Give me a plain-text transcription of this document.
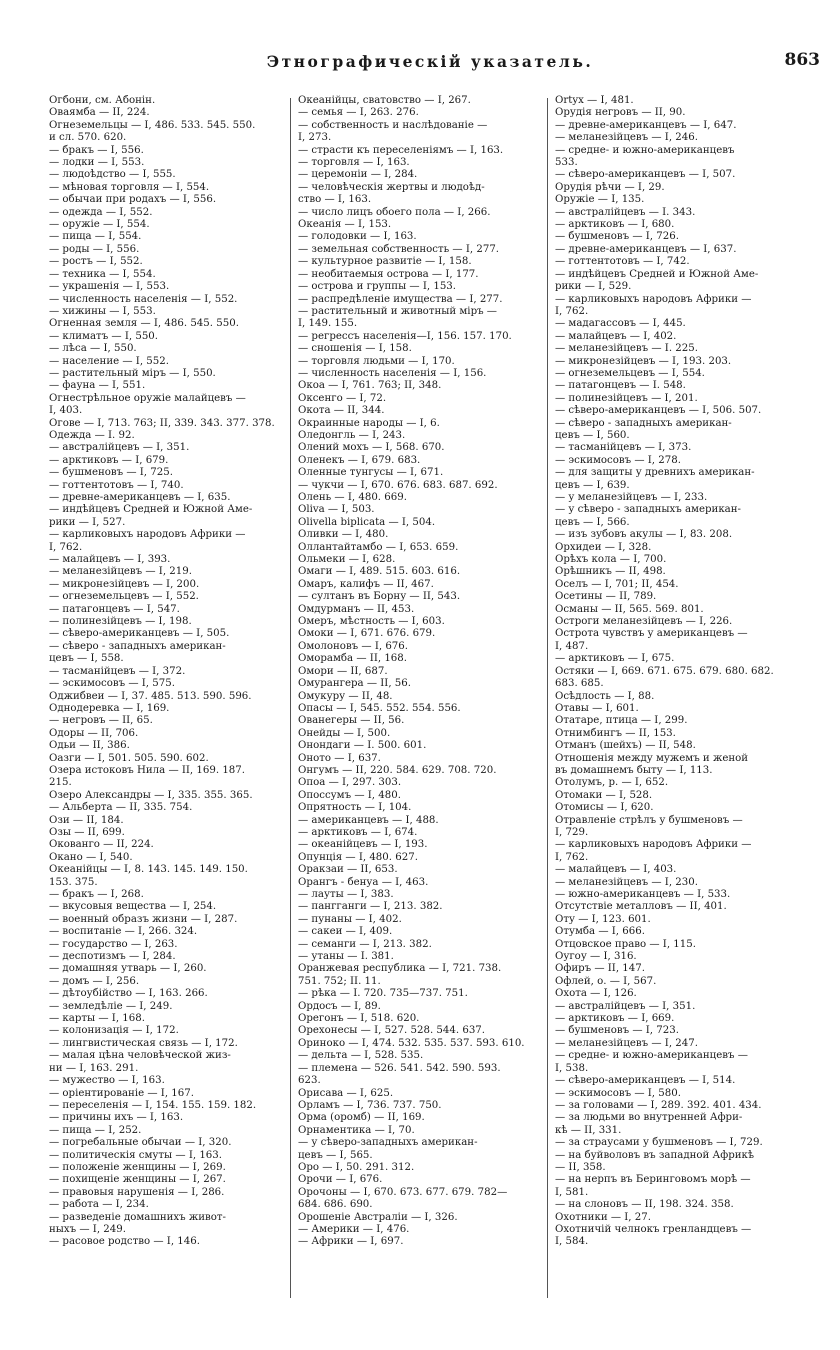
Этнографическій указатель.	863
Огбони, см. Абонін.
Оваямба — II, 224.
Огнеземельцы — I, 486. 533. 545. 550.
и сл. 570. 620.
— бракъ — I, 556.
— лодки — I, 553.
— людоѣдство — I, 555.
— мѣновая торговля — I, 554.
— обычаи при родахъ — I, 556.
— одежда — I, 552.
— оружіе — I, 554.
— пища — I, 554.
— роды — I, 556.
— ростъ — I, 552.
— техника — I, 554.
— украшенія — I, 553.
— численность населенія — I, 552.
— хижины — I, 553.
Огненная земля — I, 486. 545. 550.
— климатъ — I, 550.
— лѣса — I, 550.
— население — I, 552.
— растительный міръ — I, 550.
— фауна — I, 551.
Огнестрѣльное оружіе малайцевъ —
I, 403.
Огове — I, 713. 763; II, 339. 343. 377. 378.
Одежда — I. 92.
— австралійцевъ — I, 351.
— арктиковъ — I, 679.
— бушменовъ — I, 725.
— готтентотовъ — I, 740.
— древне-американцевъ — I, 635.
— индѣйцевъ Средней и Южной Аме-
рики — I, 527.
— карликовыхъ народовъ Африки —
I, 762.
— малайцевъ — I, 393.
— меланезійцевъ — I, 219.
— микронезійцевъ — I, 200.
— огнеземельцевъ — I, 552.
— патагонцевъ — I, 547.
— полинезійцевъ — I, 198.
— сѣверо-американцевъ — I, 505.
— сѣверо - западныхъ американ-
цевъ — I, 558.
— тасманійцевъ — I, 372.
— эскимосовъ — I, 575.
Оджибвеи — I, 37. 485. 513. 590. 596.
Однодеревка — I, 169.
— негровъ — II, 65.
Одоры — II, 706.
Одьи — II, 386.
Оазги — I, 501. 505. 590. 602.
Озера истоковъ Нила — II, 169. 187.
215.
Озеро Александры — I, 335. 355. 365.
— Альберта — II, 335. 754.
Ози — II, 184.
Озы — II, 699.
Окованго — II, 224.
Окано — I, 540.
Океанійцы — I, 8. 143. 145. 149. 150.
153. 375.
— бракъ — I, 268.
— вкусовыя вещества — I, 254.
— военный образъ жизни — I, 287.
— воспитаніе — I, 266. 324.
— государство — I, 263.
— деспотизмъ — I, 284.
— домашняя утварь — I, 260.
— домъ — I, 256.
— дѣтоубійство — I, 163. 266.
— земледѣліе — I, 249.
— карты — I, 168.
— колонизація — I, 172.
— лингвистическая связь — I, 172.
— малая цѣна человѣческой жиз-
ни — I, 163. 291.
— мужество — I, 163.
— оріентированіе — I, 167.
— переселенія — I, 154. 155. 159. 182.
— причины ихъ — I, 163.
— пища — I, 252.
— погребальные обычаи — I, 320.
— политическія смуты — I, 163.
— положеніе женщины — I, 269.
— похищеніе женщины — I, 267.
— правовыя нарушенія — I, 286.
— работа — I, 234.
— разведеніе домашнихъ живот-
ныхъ — I, 249.
— расовое родство — I, 146.
Океанійцы, сватовство — I, 267.
— семья — I, 263. 276.
— собственность и наслѣдованіе —
I, 273.
— страсти къ переселеніямъ — I, 163.
— торговля — I, 163.
— церемоніи — I, 284.
— человѣческія жертвы и людоѣд-
ство — I, 163.
— число лицъ обоего пола — I, 266.
Океанія — I, 153.
— голодовки — I, 163.
— земельная собственность — I, 277.
— культурное развитіе — I, 158.
— необитаемыя острова — I, 177.
— острова и группы — I, 153.
— распредѣленіе имущества — I, 277.
— растительный и животный міръ —
I, 149. 155.
— регрессъ населенія—I, 156. 157. 170.
— сношенія — I, 158.
— торговля людьми — I, 170.
— численность населенія — I, 156.
Окоа — I, 761. 763; II, 348.
Оксенго — I, 72.
Окота — II, 344.
Окраинные народы — I, 6.
Оледонгль — I, 243.
Олений мохъ — I, 568. 670.
Оленекъ — I, 679. 683.
Оленные тунгусы — I, 671.
— чукчи — I, 670. 676. 683. 687. 692.
Олень — I, 480. 669.
Oliva — I, 503.
Olivella biplicata — I, 504.
Оливки — I, 480.
Оллантайтамбо — I, 653. 659.
Ольмеки — I, 628.
Омаги — I, 489. 515. 603. 616.
Омаръ, калифъ — II, 467.
— султанъ въ Борну — II, 543.
Омдурманъ — II, 453.
Омеръ, мѣстность — I, 603.
Омоки — I, 671. 676. 679.
Омолоновъ — I, 676.
Оморамба — II, 168.
Омори — II, 687.
Омурангера — II, 56.
Омукуру — II, 48.
Опасы — I, 545. 552. 554. 556.
Ованегеры — II, 56.
Онейды — I, 500.
Онондаги — I. 500. 601.
Оното — I, 637.
Онгумъ — II, 220. 584. 629. 708. 720.
Опоа — I, 297. 303.
Опоссумъ — I, 480.
Опрятность — I, 104.
— американцевъ — I, 488.
— арктиковъ — I, 674.
— океанійцевъ — I, 193.
Опунція — I, 480. 627.
Оракзаи — II, 653.
Орангъ - бенуа — I, 463.
— лауты — I, 383.
— пангганги — I, 213. 382.
— пунаны — I, 402.
— сакеи — I, 409.
— семанги — I, 213. 382.
— утаны — I. 381.
Оранжевая республика — I, 721. 738.
751. 752; II. 11.
— рѣка — I. 720. 735—737. 751.
Ордосъ — I, 89.
Орегонъ — I, 518. 620.
Орехонесы — I, 527. 528. 544. 637.
Ориноко — I, 474. 532. 535. 537. 593. 610.
— дельта — I, 528. 535.
— племена — 526. 541. 542. 590. 593.
623.
Орисава — I, 625.
Орламъ — I, 736. 737. 750.
Орма (оромб) — II, 169.
Орнаментика — I, 70.
— у сѣверо-западныхъ американ-
цевъ — I, 565.
Оро — I, 50. 291. 312.
Орочи — I, 676.
Орочоны — I, 670. 673. 677. 679. 782—
684. 686. 690.
Орошеніе Австраліи — I, 326.
— Америки — I, 476.
— Африки — I, 697.
Ortyx — I, 481.
Орудія негровъ — II, 90.
— древне-американцевъ — I, 647.
— меланезійцевъ — I, 246.
— средне- и южно-американцевъ
533.
— сѣверо-американцевъ — I, 507.
Орудія рѣчи — I, 29.
Оружіе — I, 135.
— австралійцевъ — I. 343.
— арктиковъ — I, 680.
— бушменовъ — I, 726.
— древне-американцевъ — I, 637.
— готтентотовъ — I, 742.
— индѣйцевъ Средней и Южной Аме-
рики — I, 529.
— карликовыхъ народовъ Африки —
I, 762.
— мадагассовъ — I, 445.
— малайцевъ — I, 402.
— меланезійцевъ — I. 225.
— микронезійцевъ — I, 193. 203.
— огнеземельцевъ — I, 554.
— патагонцевъ — I. 548.
— полинезійцевъ — I, 201.
— сѣверо-американцевъ — I, 506. 507.
— сѣверо - западныхъ американ-
цевъ — I, 560.
— тасманійцевъ — I, 373.
— эскимосовъ — I, 278.
— для защиты у древнихъ американ-
цевъ — I, 639.
— у меланезійцевъ — I, 233.
— у сѣверо - западныхъ американ-
цевъ — I, 566.
— изъ зубовъ акулы — I, 83. 208.
Орхидеи — I, 328.
Орѣхъ кола — I, 700.
Орѣшникъ — II, 498.
Оселъ — I, 701; II, 454.
Осетины — II, 789.
Османы — II, 565. 569. 801.
Остроги меланезійцевъ — I, 226.
Острота чувствъ у американцевъ —
I, 487.
— арктиковъ — I, 675.
Остяки — I, 669. 671. 675. 679. 680. 682.
683. 685.
Осѣдлость — I, 88.
Отавы — I, 601.
Отатаре, птица — I, 299.
Отнимбингъ — II, 153.
Отманъ (шейхъ) — II, 548.
Отношенія между мужемъ и женой
въ домашнемъ быту — I, 113.
Отолумъ, р. — I, 652.
Отомаки — I, 528.
Отомисы — I, 620.
Отравленіе стрѣлъ у бушменовъ —
I, 729.
— карликовыхъ народовъ Африки —
I, 762.
— малайцевъ — I, 403.
— меланезійцевъ — I, 230.
— южно-американцевъ — I, 533.
Отсутствіе металловъ — II, 401.
Оту — I, 123. 601.
Отумба — I, 666.
Отцовское право — I, 115.
Оугоу — I, 316.
Офиръ — II, 147.
Офлей, о. — I, 567.
Охота — I, 126.
— австралійцевъ — I, 351.
— арктиковъ — I, 669.
— бушменовъ — I, 723.
— меланезійцевъ — I, 247.
— средне- и южно-американцевъ —
I, 538.
— сѣверо-американцевъ — I, 514.
— эскимосовъ — I, 580.
— за головами — I, 289. 392. 401. 434.
— за людьми во внутренней Афри-
кѣ — II, 331.
— за страусами у бушменовъ — I, 729.
— на буйволовъ въ западной Африкѣ
— II, 358.
— на нерпъ въ Беринговомъ морѣ —
I, 581.
— на слоновъ — II, 198. 324. 358.
Охотники — I, 27.
Охотничій челнокъ гренландцевъ —
I, 584.
